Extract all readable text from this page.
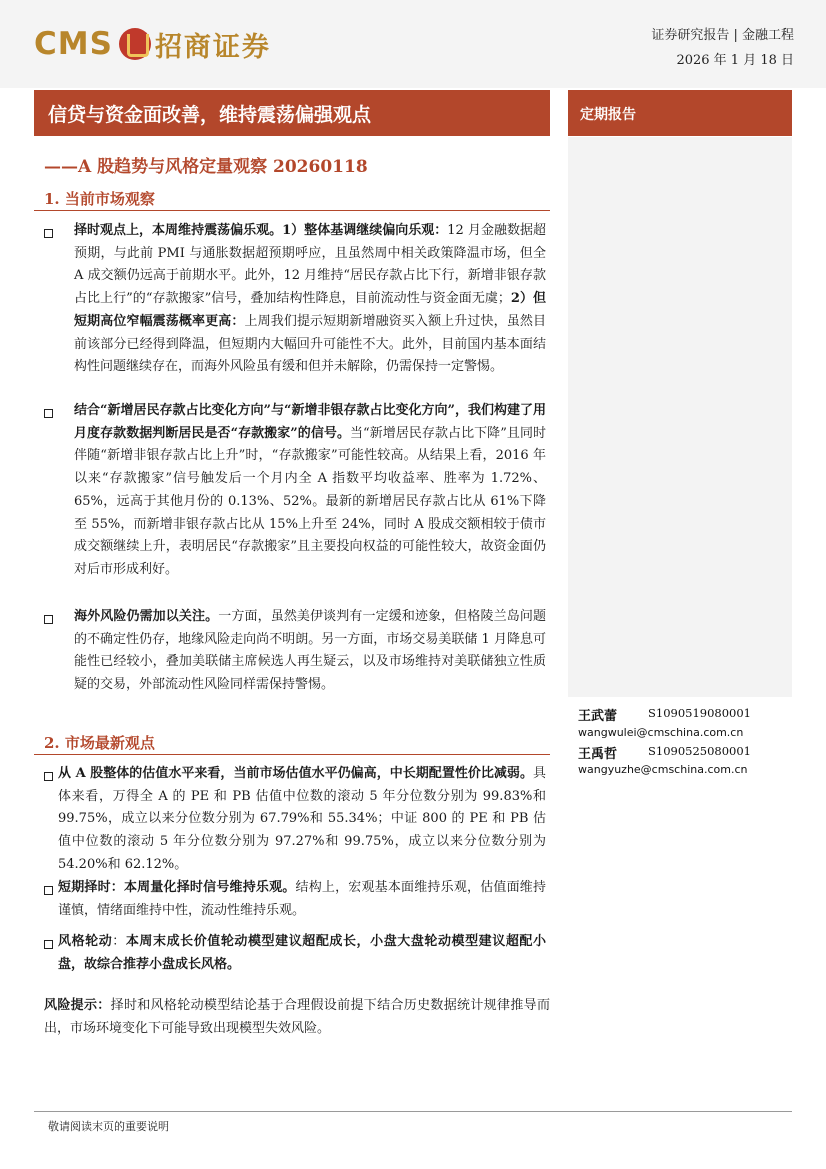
CMS 招商证券	证券研究报告 | 金融工程
2026 年 1 月 18 日
信贷与资金面改善，维持震荡偏强观点
——A 股趋势与风格定量观察 20260118
定期报告
1. 当前市场观察
择时观点上，本周维持震荡偏乐观。1）整体基调继续偏向乐观：12 月金融数据超预期，与此前 PMI 与通胀数据超预期呼应，且虽然周中相关政策降温市场，但全 A 成交额仍远高于前期水平。此外，12 月维持“居民存款占比下行，新增非银存款占比上行”的“存款搬家”信号，叠加结构性降息，目前流动性与资金面无虞；2）但短期高位窄幅震荡概率更高：上周我们提示短期新增融资买入额上升过快，虽然目前该部分已经得到降温，但短期内大幅回升可能性不大。此外，目前国内基本面结构性问题继续存在，而海外风险虽有缓和但并未解除，仍需保持一定警惕。
结合“新增居民存款占比变化方向”与“新增非银存款占比变化方向”，我们构建了用月度存款数据判断居民是否“存款搬家”的信号。当“新增居民存款占比下降”且同时伴随“新增非银存款占比上升”时，“存款搬家”可能性较高。从结果上看，2016 年以来“存款搬家”信号触发后一个月内全 A 指数平均收益率、胜率为 1.72%、65%，远高于其他月份的 0.13%、52%。最新的新增居民存款占比从 61%下降至 55%，而新增非银存款占比从 15%上升至 24%，同时 A 股成交额相较于债市成交额继续上升，表明居民“存款搬家”且主要投向权益的可能性较大，故资金面仍对后市形成利好。
海外风险仍需加以关注。一方面，虽然美伊谈判有一定缓和迹象，但格陵兰岛问题的不确定性仍存，地缘风险走向尚不明朗。另一方面，市场交易美联储 1 月降息可能性已经较小，叠加美联储主席候选人再生疑云，以及市场维持对美联储独立性质疑的交易，外部流动性风险同样需保持警惕。
2. 市场最新观点
从 A 股整体的估值水平来看，当前市场估值水平仍偏高，中长期配置性价比减弱。具体来看，万得全 A 的 PE 和 PB 估值中位数的滚动 5 年分位数分别为 99.83%和 99.75%，成立以来分位数分别为 67.79%和 55.34%；中证 800 的 PE 和 PB 估值中位数的滚动 5 年分位数分别为 97.27%和 99.75%，成立以来分位数分别为 54.20%和 62.12%。
短期择时：本周量化择时信号维持乐观。结构上，宏观基本面维持乐观，估值面维持谨慎，情绪面维持中性，流动性维持乐观。
风格轮动：本周末成长价值轮动模型建议超配成长，小盘大盘轮动模型建议超配小盘，故综合推荐小盘成长风格。
王武蕾	S1090519080001
wangwulei@cmschina.com.cn
王禹哲	S1090525080001
wangyuzhe@cmschina.com.cn
风险提示：择时和风格轮动模型结论基于合理假设前提下结合历史数据统计规律推导而出，市场环境变化下可能导致出现模型失效风险。
敬请阅读末页的重要说明
